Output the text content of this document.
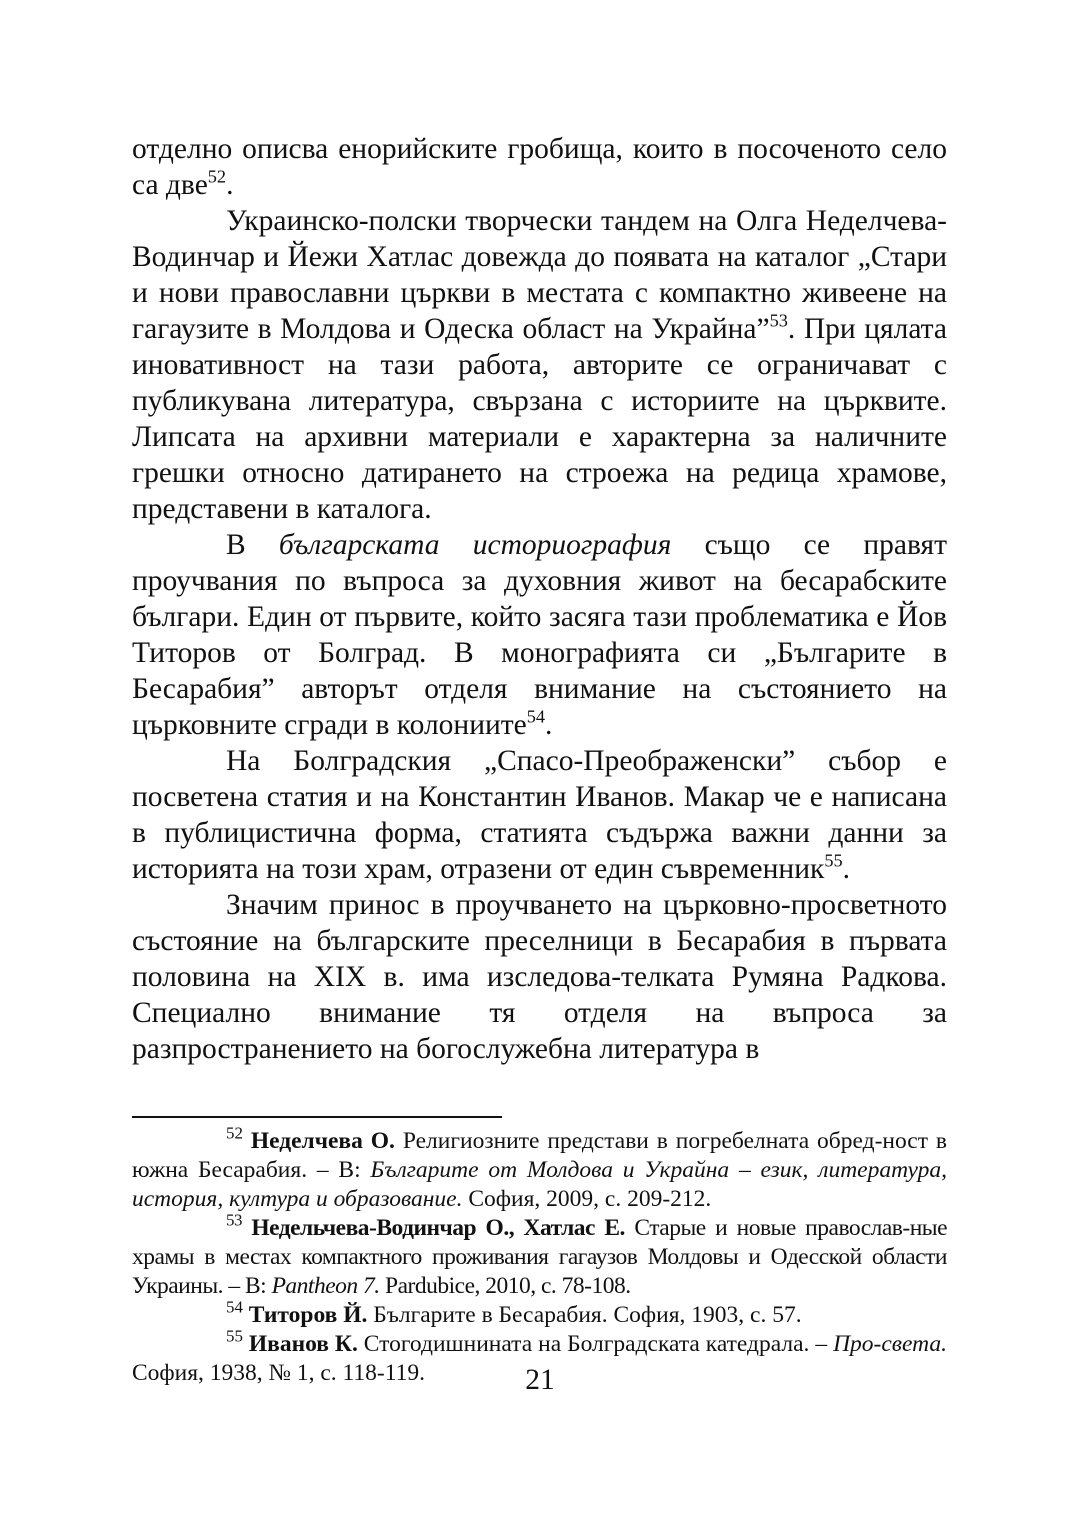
отделно описва енорийските гробища, които в посоченото село са две$^{52}$.

Украинско-полски творчески тандем на Олга Неделчева-Водинчар и Йежи Хатлас довежда до появата на каталог „Стари и нови православни църкви в местата с компактно живеене на гагаузите в Молдова и Одеска област на Украйна”$^{53}$. При цялата иновативност на тази работа, авторите се ограничават с публикувана литература, свързана с историите на църквите. Липсата на архивни материали е характерна за наличните грешки относно датирането на строежа на редица храмове, представени в каталога.

В българската историография също се правят проучвания по въпроса за духовния живот на бесарабските българи. Един от първите, който засяга тази проблематика е Йов Титоров от Болград. В монографията си „Българите в Бесарабия” авторът отделя внимание на състоянието на църковните сгради в колониите$^{54}$.

На Болградския „Спасо-Преображенски” събор е посветена статия и на Константин Иванов. Макар че е написана в публицистична форма, статията съдържа важни данни за историята на този храм, отразени от един съвременник$^{55}$.

Значим принос в проучването на църковно-просветното състояние на българските преселници в Бесарабия в първата половина на ХІХ в. има изследова-телката Румяна Радкова. Специално внимание тя отделя на въпроса за разпространението на богослужебна литература в

$^{52}$ Неделчева О. Религиозните представи в погребелната обред-ност в южна Бесарабия. – В: Българите от Молдова и Украйна – език, литература, история, култура и образование. София, 2009, с. 209-212.

$^{53}$ Недельчева-Водинчар О., Хатлас Е. Старые и новые православ-ные храмы в местах компактного проживания гагаузов Молдовы и Одесской области Украины. – В: Pantheon 7. Pardubice, 2010, с. 78-108.

$^{54}$ Титоров Й. Българите в Бесарабия. София, 1903, с. 57.

$^{55}$ Иванов К. Стогодишнината на Болградската катедрала. – Про-света. София, 1938, № 1, с. 118-119.	21
